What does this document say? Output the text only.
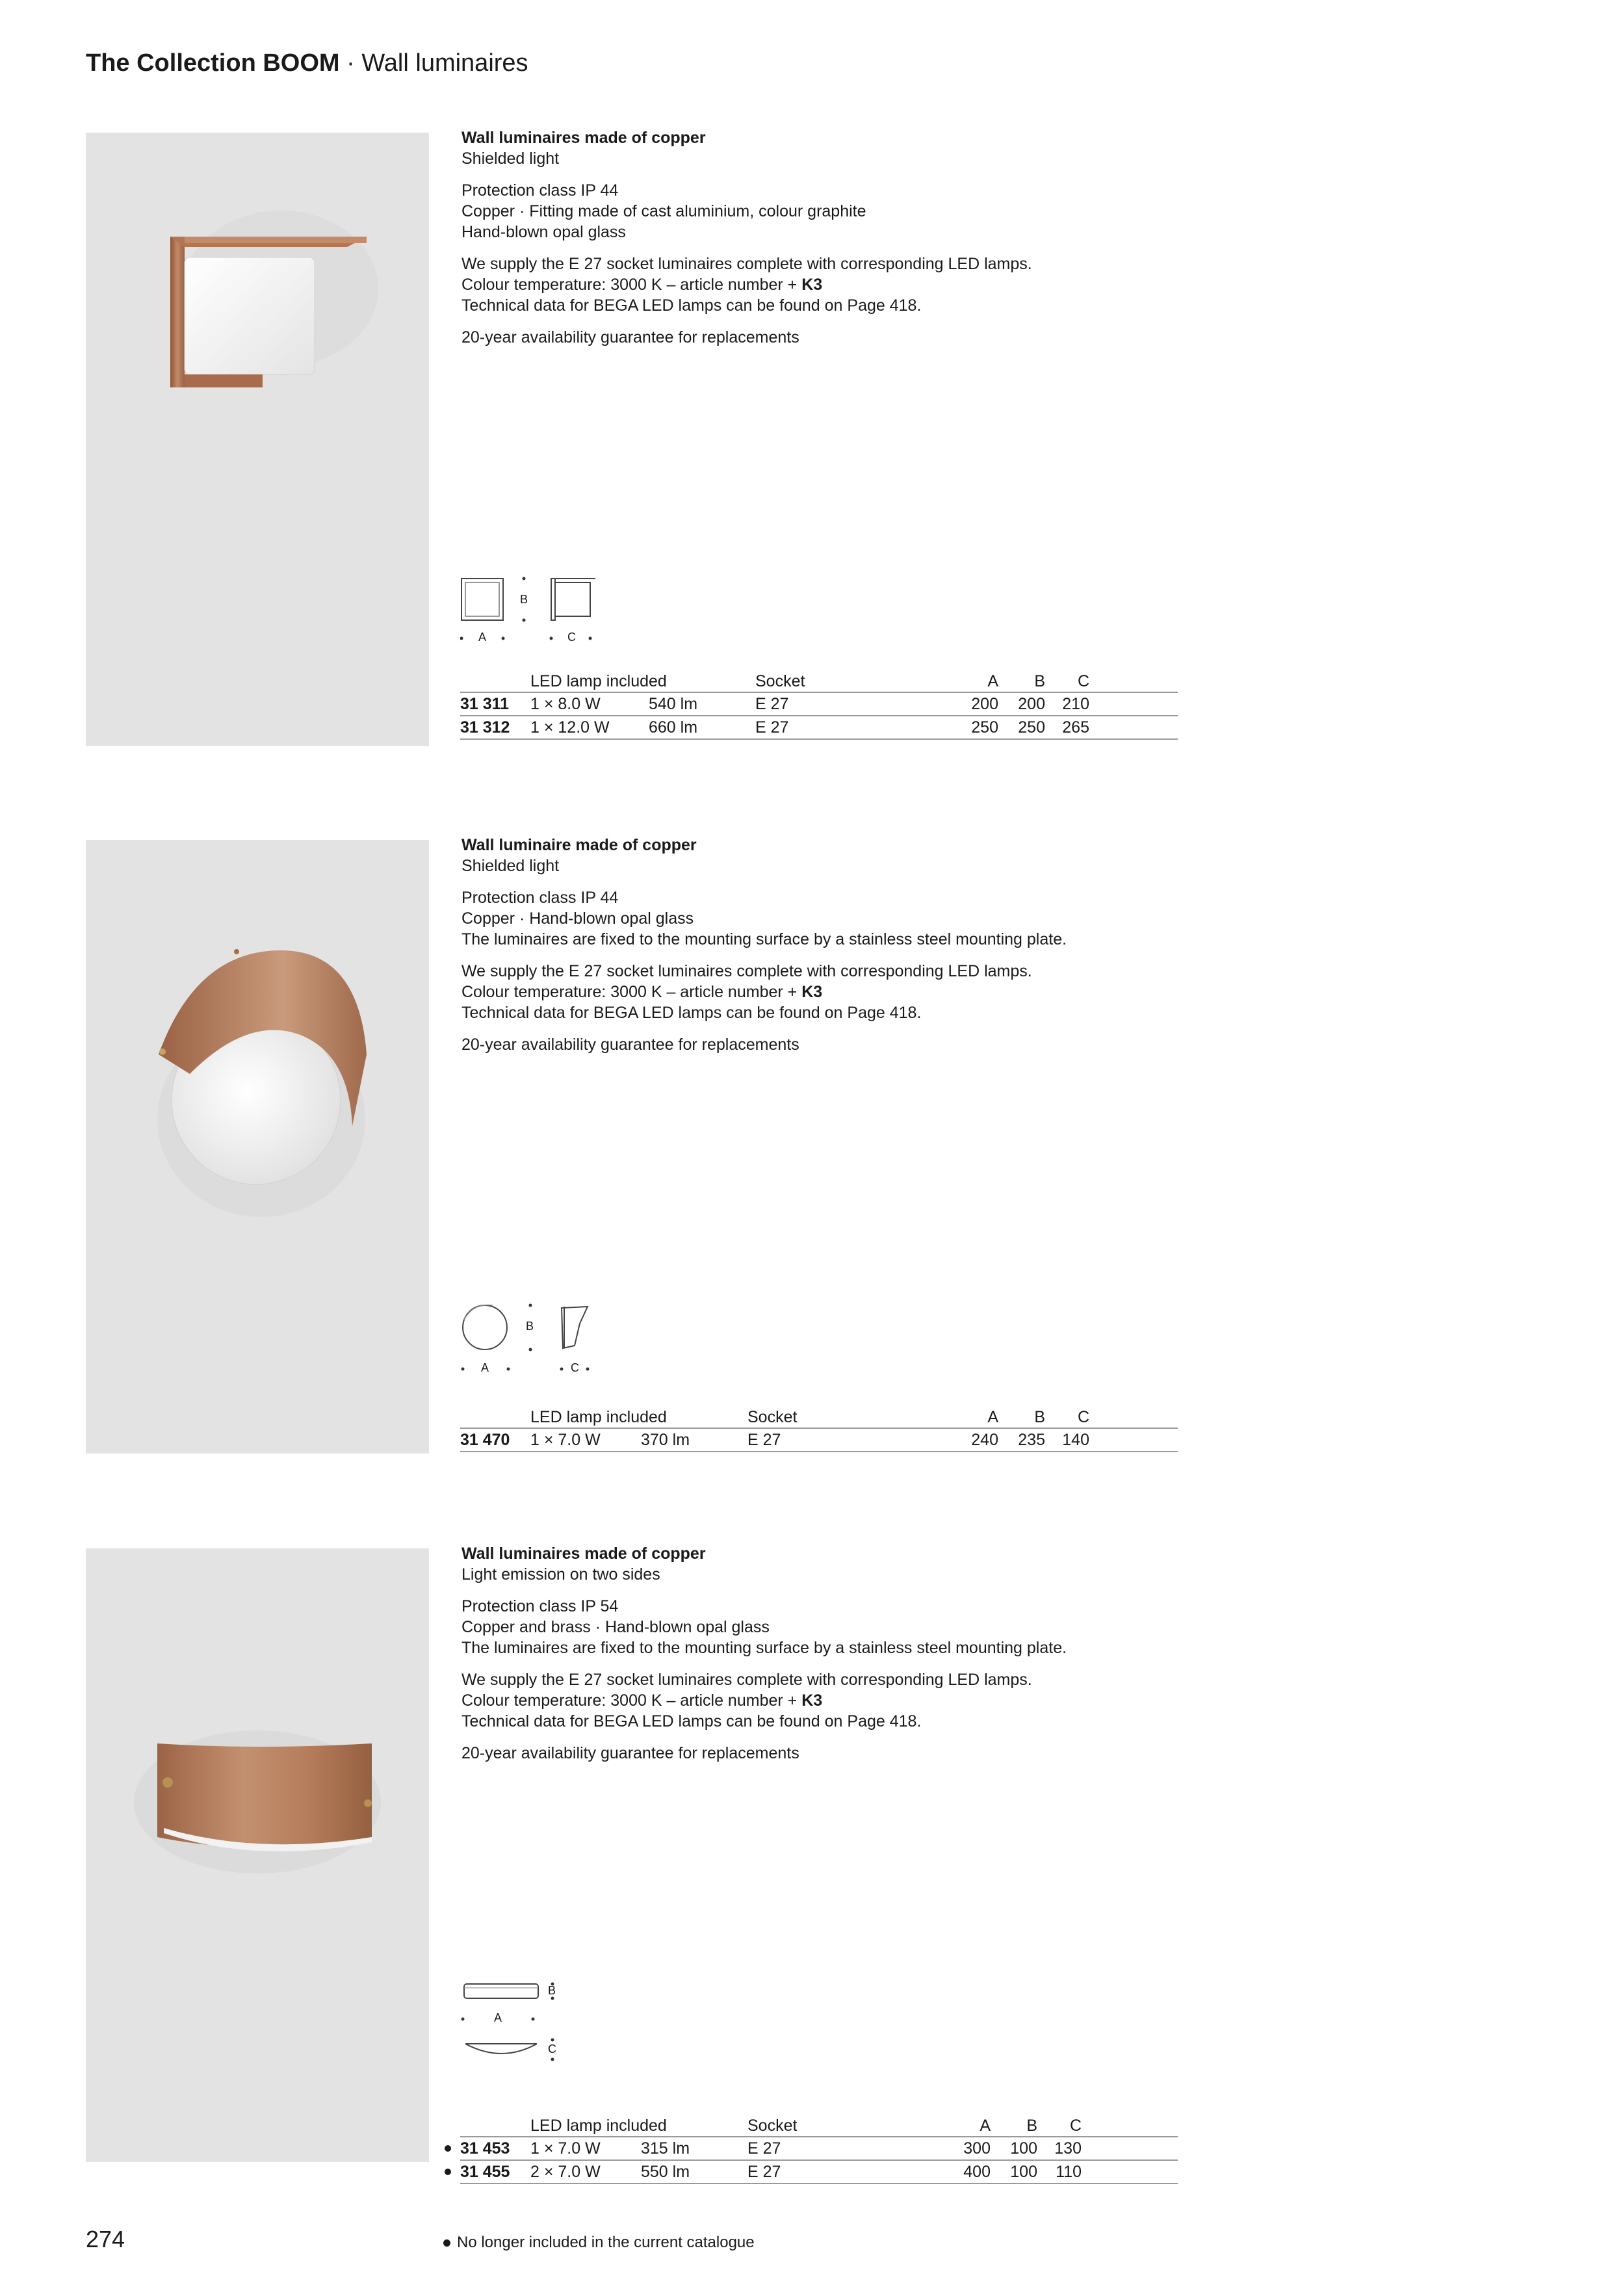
The Collection BOOM · Wall luminaires

Wall luminaires made of copper
Shielded light

Protection class IP 44
Copper · Fitting made of cast aluminium, colour graphite
Hand-blown opal glass

We supply the E 27 socket luminaires complete with corresponding LED lamps.
Colour temperature: 3000 K – article number + K3
Technical data for BEGA LED lamps can be found on Page 418.

20-year availability guarantee for replacements

A
B
C
	LED lamp included		Socket	A	B	C	
31 311	1 × 8.0 W	540 lm	E 27	200	200	210	
31 312	1 × 12.0 W	660 lm	E 27	250	250	265	

Wall luminaire made of copper
Shielded light

Protection class IP 44
Copper · Hand-blown opal glass
The luminaires are fixed to the mounting surface by a stainless steel mounting plate.

We supply the E 27 socket luminaires complete with corresponding LED lamps.
Colour temperature: 3000 K – article number + K3
Technical data for BEGA LED lamps can be found on Page 418.

20-year availability guarantee for replacements

A
B
C
	LED lamp included		Socket	A	B	C	
31 470	1 × 7.0 W	370 lm	E 27	240	235	140	

Wall luminaires made of copper
Light emission on two sides

Protection class IP 54
Copper and brass · Hand-blown opal glass
The luminaires are fixed to the mounting surface by a stainless steel mounting plate.

We supply the E 27 socket luminaires complete with corresponding LED lamps.
Colour temperature: 3000 K – article number + K3
Technical data for BEGA LED lamps can be found on Page 418.

20-year availability guarantee for replacements

A
B
C
	LED lamp included		Socket	A	B	C	

31 453	1 × 7.0 W	315 lm	E 27	300	100	130	

31 455	2 × 7.0 W	550 lm	E 27	400	100	110	
274	No longer included in the current catalogue
